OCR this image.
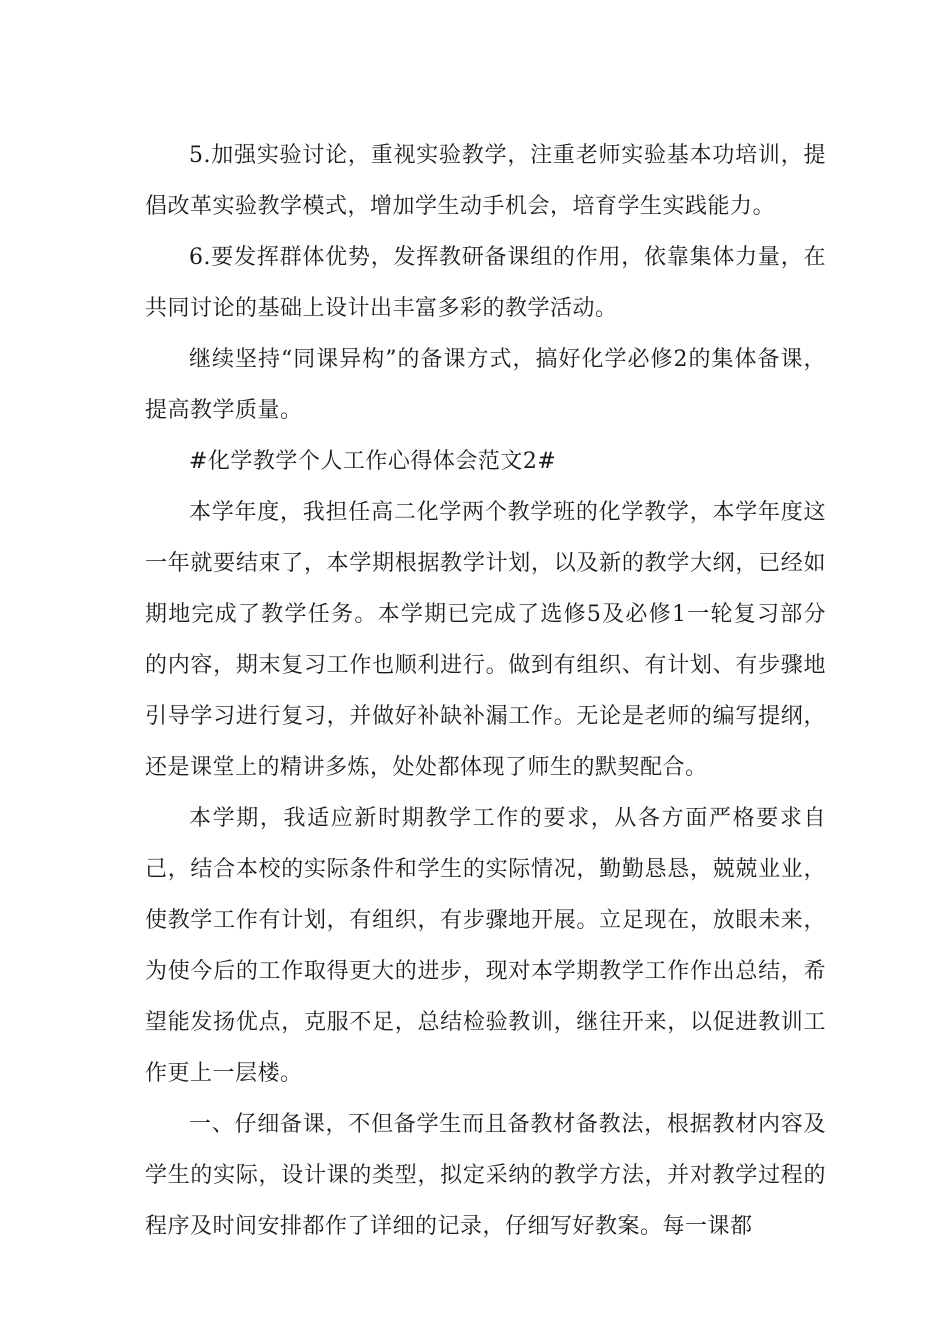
5.加强实验讨论，重视实验教学，注重老师实验基本功培训，提倡改革实验教学模式，增加学生动手机会，培育学生实践能力。

6.要发挥群体优势，发挥教研备课组的作用，依靠集体力量，在共同讨论的基础上设计出丰富多彩的教学活动。

继续坚持“同课异构”的备课方式，搞好化学必修2的集体备课，提高教学质量。

#化学教学个人工作心得体会范文2#

本学年度，我担任高二化学两个教学班的化学教学，本学年度这一年就要结束了，本学期根据教学计划，以及新的教学大纲，已经如期地完成了教学任务。本学期已完成了选修5及必修1一轮复习部分的内容，期末复习工作也顺利进行。做到有组织、有计划、有步骤地引导学习进行复习，并做好补缺补漏工作。无论是老师的编写提纲，还是课堂上的精讲多炼，处处都体现了师生的默契配合。

本学期，我适应新时期教学工作的要求，从各方面严格要求自己，结合本校的实际条件和学生的实际情况，勤勤恳恳，兢兢业业，使教学工作有计划，有组织，有步骤地开展。立足现在，放眼未来，为使今后的工作取得更大的进步，现对本学期教学工作作出总结，希望能发扬优点，克服不足，总结检验教训，继往开来，以促进教训工作更上一层楼。

一、仔细备课，不但备学生而且备教材备教法，根据教材内容及学生的实际，设计课的类型，拟定采纳的教学方法，并对教学过程的程序及时间安排都作了详细的记录，仔细写好教案。每一课都
